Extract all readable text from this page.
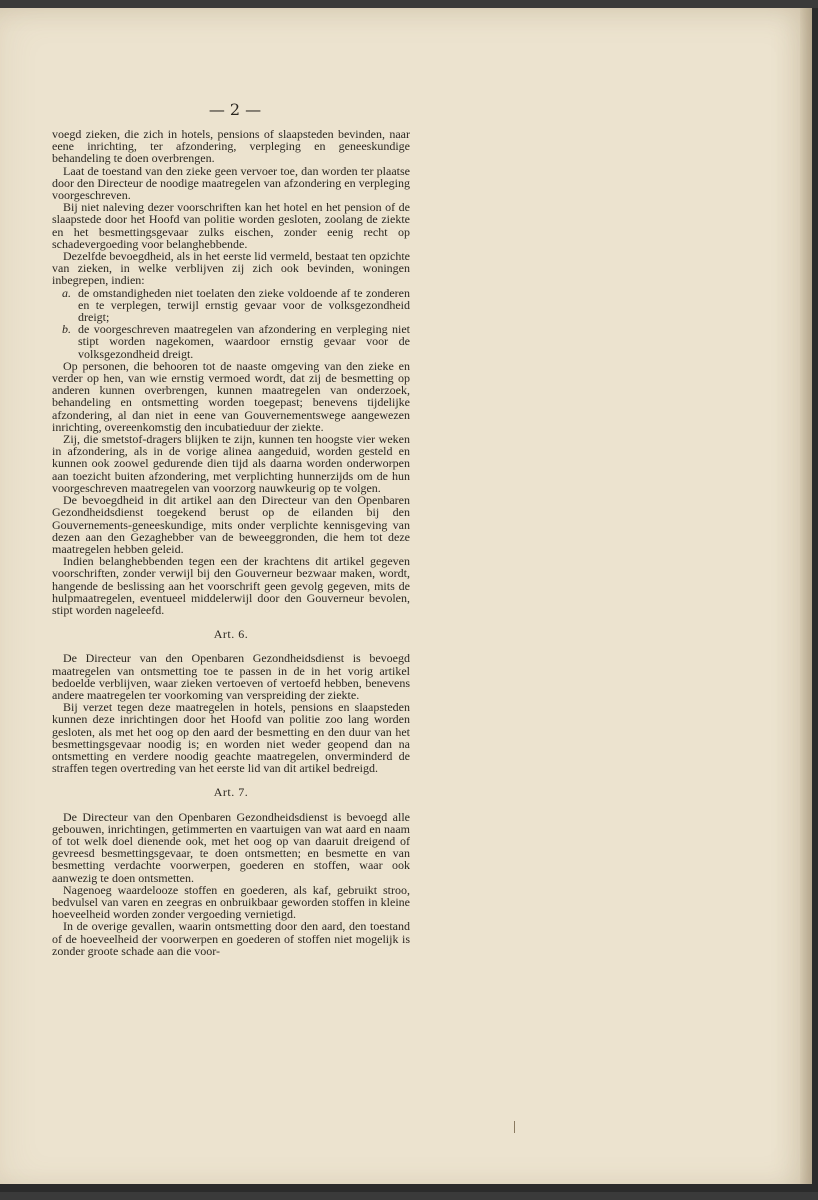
— 2 —

voegd zieken, die zich in hotels, pensions of slaapsteden bevinden, naar eene inrichting, ter afzondering, verpleging en geneeskundige behandeling te doen overbrengen.

Laat de toestand van den zieke geen vervoer toe, dan worden ter plaatse door den Directeur de noodige maatregelen van afzondering en verpleging voorgeschreven.

Bij niet naleving dezer voorschriften kan het hotel en het pension of de slaapstede door het Hoofd van politie worden gesloten, zoolang de ziekte en het besmettingsgevaar zulks eischen, zonder eenig recht op schadevergoeding voor belanghebbende.

Dezelfde bevoegdheid, als in het eerste lid vermeld, bestaat ten opzichte van zieken, in welke verblijven zij zich ook bevinden, woningen inbegrepen, indien:

a. de omstandigheden niet toelaten den zieke voldoende af te zonderen en te verplegen, terwijl ernstig gevaar voor de volksgezondheid dreigt;
b. de voorgeschreven maatregelen van afzondering en verpleging niet stipt worden nagekomen, waardoor ernstig gevaar voor de volksgezondheid dreigt.

Op personen, die behooren tot de naaste omgeving van den zieke en verder op hen, van wie ernstig vermoed wordt, dat zij de besmetting op anderen kunnen overbrengen, kunnen maatregelen van onderzoek, behandeling en ontsmetting worden toegepast; benevens tijdelijke afzondering, al dan niet in eene van Gouvernementswege aangewezen inrichting, overeenkomstig den incubatieduur der ziekte.

Zij, die smetstof-dragers blijken te zijn, kunnen ten hoogste vier weken in afzondering, als in de vorige alinea aangeduid, worden gesteld en kunnen ook zoowel gedurende dien tijd als daarna worden onderworpen aan toezicht buiten afzondering, met verplichting hunnerzijds om de hun voorgeschreven maatregelen van voorzorg nauwkeurig op te volgen.

De bevoegdheid in dit artikel aan den Directeur van den Openbaren Gezondheidsdienst toegekend berust op de eilanden bij den Gouvernements-geneeskundige, mits onder verplichte kennisgeving van dezen aan den Gezaghebber van de beweeggronden, die hem tot deze maatregelen hebben geleid.

Indien belanghebbenden tegen een der krachtens dit artikel gegeven voorschriften, zonder verwijl bij den Gouverneur bezwaar maken, wordt, hangende de beslissing aan het voorschrift geen gevolg gegeven, mits de hulpmaatregelen, eventueel middelerwijl door den Gouverneur bevolen, stipt worden nageleefd.

Art. 6.

De Directeur van den Openbaren Gezondheidsdienst is bevoegd maatregelen van ontsmetting toe te passen in de in het vorig artikel bedoelde verblijven, waar zieken vertoeven of vertoefd hebben, benevens andere maatregelen ter voorkoming van verspreiding der ziekte.

Bij verzet tegen deze maatregelen in hotels, pensions en slaapsteden kunnen deze inrichtingen door het Hoofd van politie zoo lang worden gesloten, als met het oog op den aard der besmetting en den duur van het besmettingsgevaar noodig is; en worden niet weder geopend dan na ontsmetting en verdere noodig geachte maatregelen, onverminderd de straffen tegen overtreding van het eerste lid van dit artikel bedreigd.

Art. 7.

De Directeur van den Openbaren Gezondheidsdienst is bevoegd alle gebouwen, inrichtingen, getimmerten en vaartuigen van wat aard en naam of tot welk doel dienende ook, met het oog op van daaruit dreigend of gevreesd besmettingsgevaar, te doen ontsmetten; en besmette en van besmetting verdachte voorwerpen, goederen en stoffen, waar ook aanwezig te doen ontsmetten.

Nagenoeg waardelooze stoffen en goederen, als kaf, gebruikt stroo, bedvulsel van varen en zeegras en onbruikbaar geworden stoffen in kleine hoeveelheid worden zonder vergoeding vernietigd.

In de overige gevallen, waarin ontsmetting door den aard, den toestand of de hoeveelheid der voorwerpen en goederen of stoffen niet mogelijk is zonder groote schade aan die voor-
